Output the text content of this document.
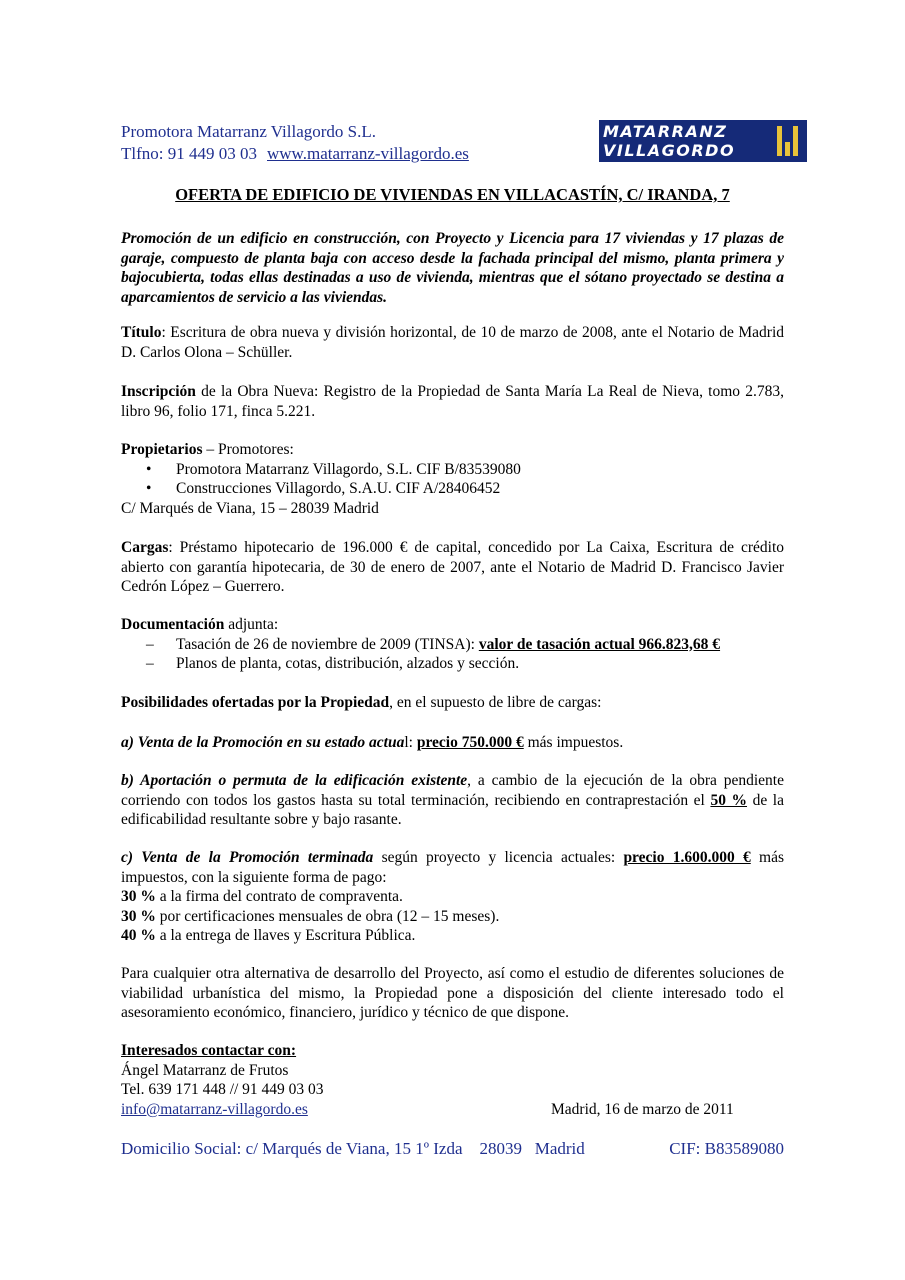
Promotora Matarranz Villagordo S.L.
Tlfno: 91 449 03 03 www.matarranz-villagordo.es
MATARRANZ
VILLAGORDO
OFERTA DE EDIFICIO DE VIVIENDAS EN VILLACASTÍN, C/ IRANDA, 7
Promoción de un edificio en construcción, con Proyecto y Licencia para 17 viviendas y 17 plazas de garaje, compuesto de planta baja con acceso desde la fachada principal del mismo, planta primera y bajocubierta, todas ellas destinadas a uso de vivienda, mientras que el sótano proyectado se destina a aparcamientos de servicio a las viviendas.
Título: Escritura de obra nueva y división horizontal, de 10 de marzo de 2008, ante el Notario de Madrid D. Carlos Olona – Schüller.
Inscripción de la Obra Nueva: Registro de la Propiedad de Santa María La Real de Nieva, tomo 2.783, libro 96, folio 171, finca 5.221.
Propietarios – Promotores:
• Promotora Matarranz Villagordo, S.L. CIF B/83539080
• Construcciones Villagordo, S.A.U. CIF A/28406452
C/ Marqués de Viana, 15 – 28039 Madrid
Cargas: Préstamo hipotecario de 196.000 € de capital, concedido por La Caixa, Escritura de crédito abierto con garantía hipotecaria, de 30 de enero de 2007, ante el Notario de Madrid D. Francisco Javier Cedrón López – Guerrero.
Documentación adjunta:
– Tasación de 26 de noviembre de 2009 (TINSA): valor de tasación actual 966.823,68 €
– Planos de planta, cotas, distribución, alzados y sección.
Posibilidades ofertadas por la Propiedad, en el supuesto de libre de cargas:
a) Venta de la Promoción en su estado actual: precio 750.000 € más impuestos.
b) Aportación o permuta de la edificación existente, a cambio de la ejecución de la obra pendiente corriendo con todos los gastos hasta su total terminación, recibiendo en contraprestación el 50 % de la edificabilidad resultante sobre y bajo rasante.
c) Venta de la Promoción terminada según proyecto y licencia actuales: precio 1.600.000 € más impuestos, con la siguiente forma de pago:
30 % a la firma del contrato de compraventa.
30 % por certificaciones mensuales de obra (12 – 15 meses).
40 % a la entrega de llaves y Escritura Pública.
Para cualquier otra alternativa de desarrollo del Proyecto, así como el estudio de diferentes soluciones de viabilidad urbanística del mismo, la Propiedad pone a disposición del cliente interesado todo el asesoramiento económico, financiero, jurídico y técnico de que dispone.
Interesados contactar con:
Ángel Matarranz de Frutos
Tel. 639 171 448 // 91 449 03 03
info@matarranz-villagordo.es	Madrid, 16 de marzo de 2011
Domicilio Social: c/ Marqués de Viana, 15 1º Izda    28039   Madrid	CIF: B83589080
